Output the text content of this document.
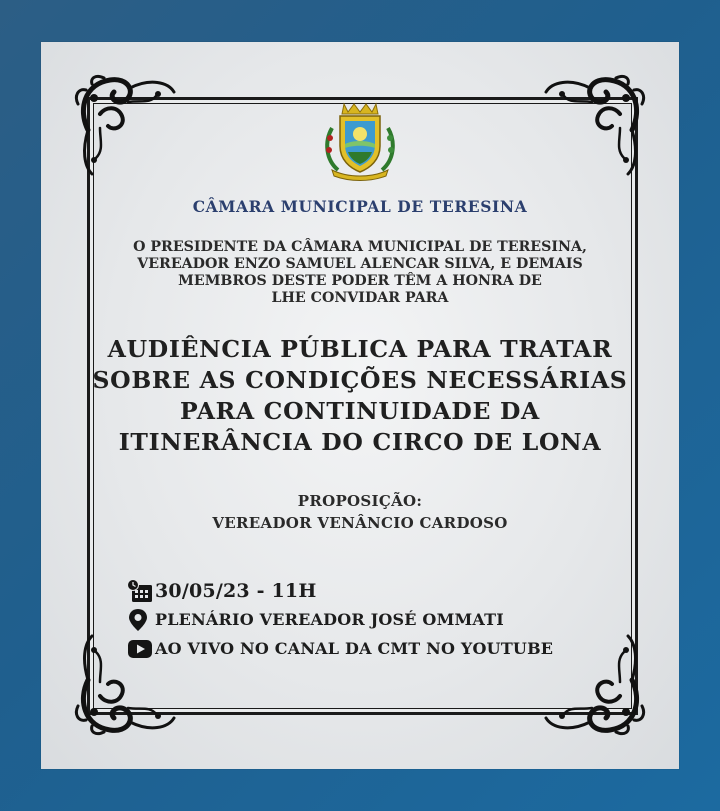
CÂMARA MUNICIPAL DE TERESINA
O PRESIDENTE DA CÂMARA MUNICIPAL DE TERESINA,
VEREADOR ENZO SAMUEL ALENCAR SILVA, E DEMAIS
MEMBROS DESTE PODER TÊM A HONRA DE
LHE CONVIDAR PARA
AUDIÊNCIA PÚBLICA PARA TRATAR
SOBRE AS CONDIÇÕES NECESSÁRIAS
PARA CONTINUIDADE DA
ITINERÂNCIA DO CIRCO DE LONA
PROPOSIÇÃO:
VEREADOR VENÂNCIO CARDOSO
30/05/23 - 11H
PLENÁRIO VEREADOR JOSÉ OMMATI
AO VIVO NO CANAL DA CMT NO YOUTUBE
